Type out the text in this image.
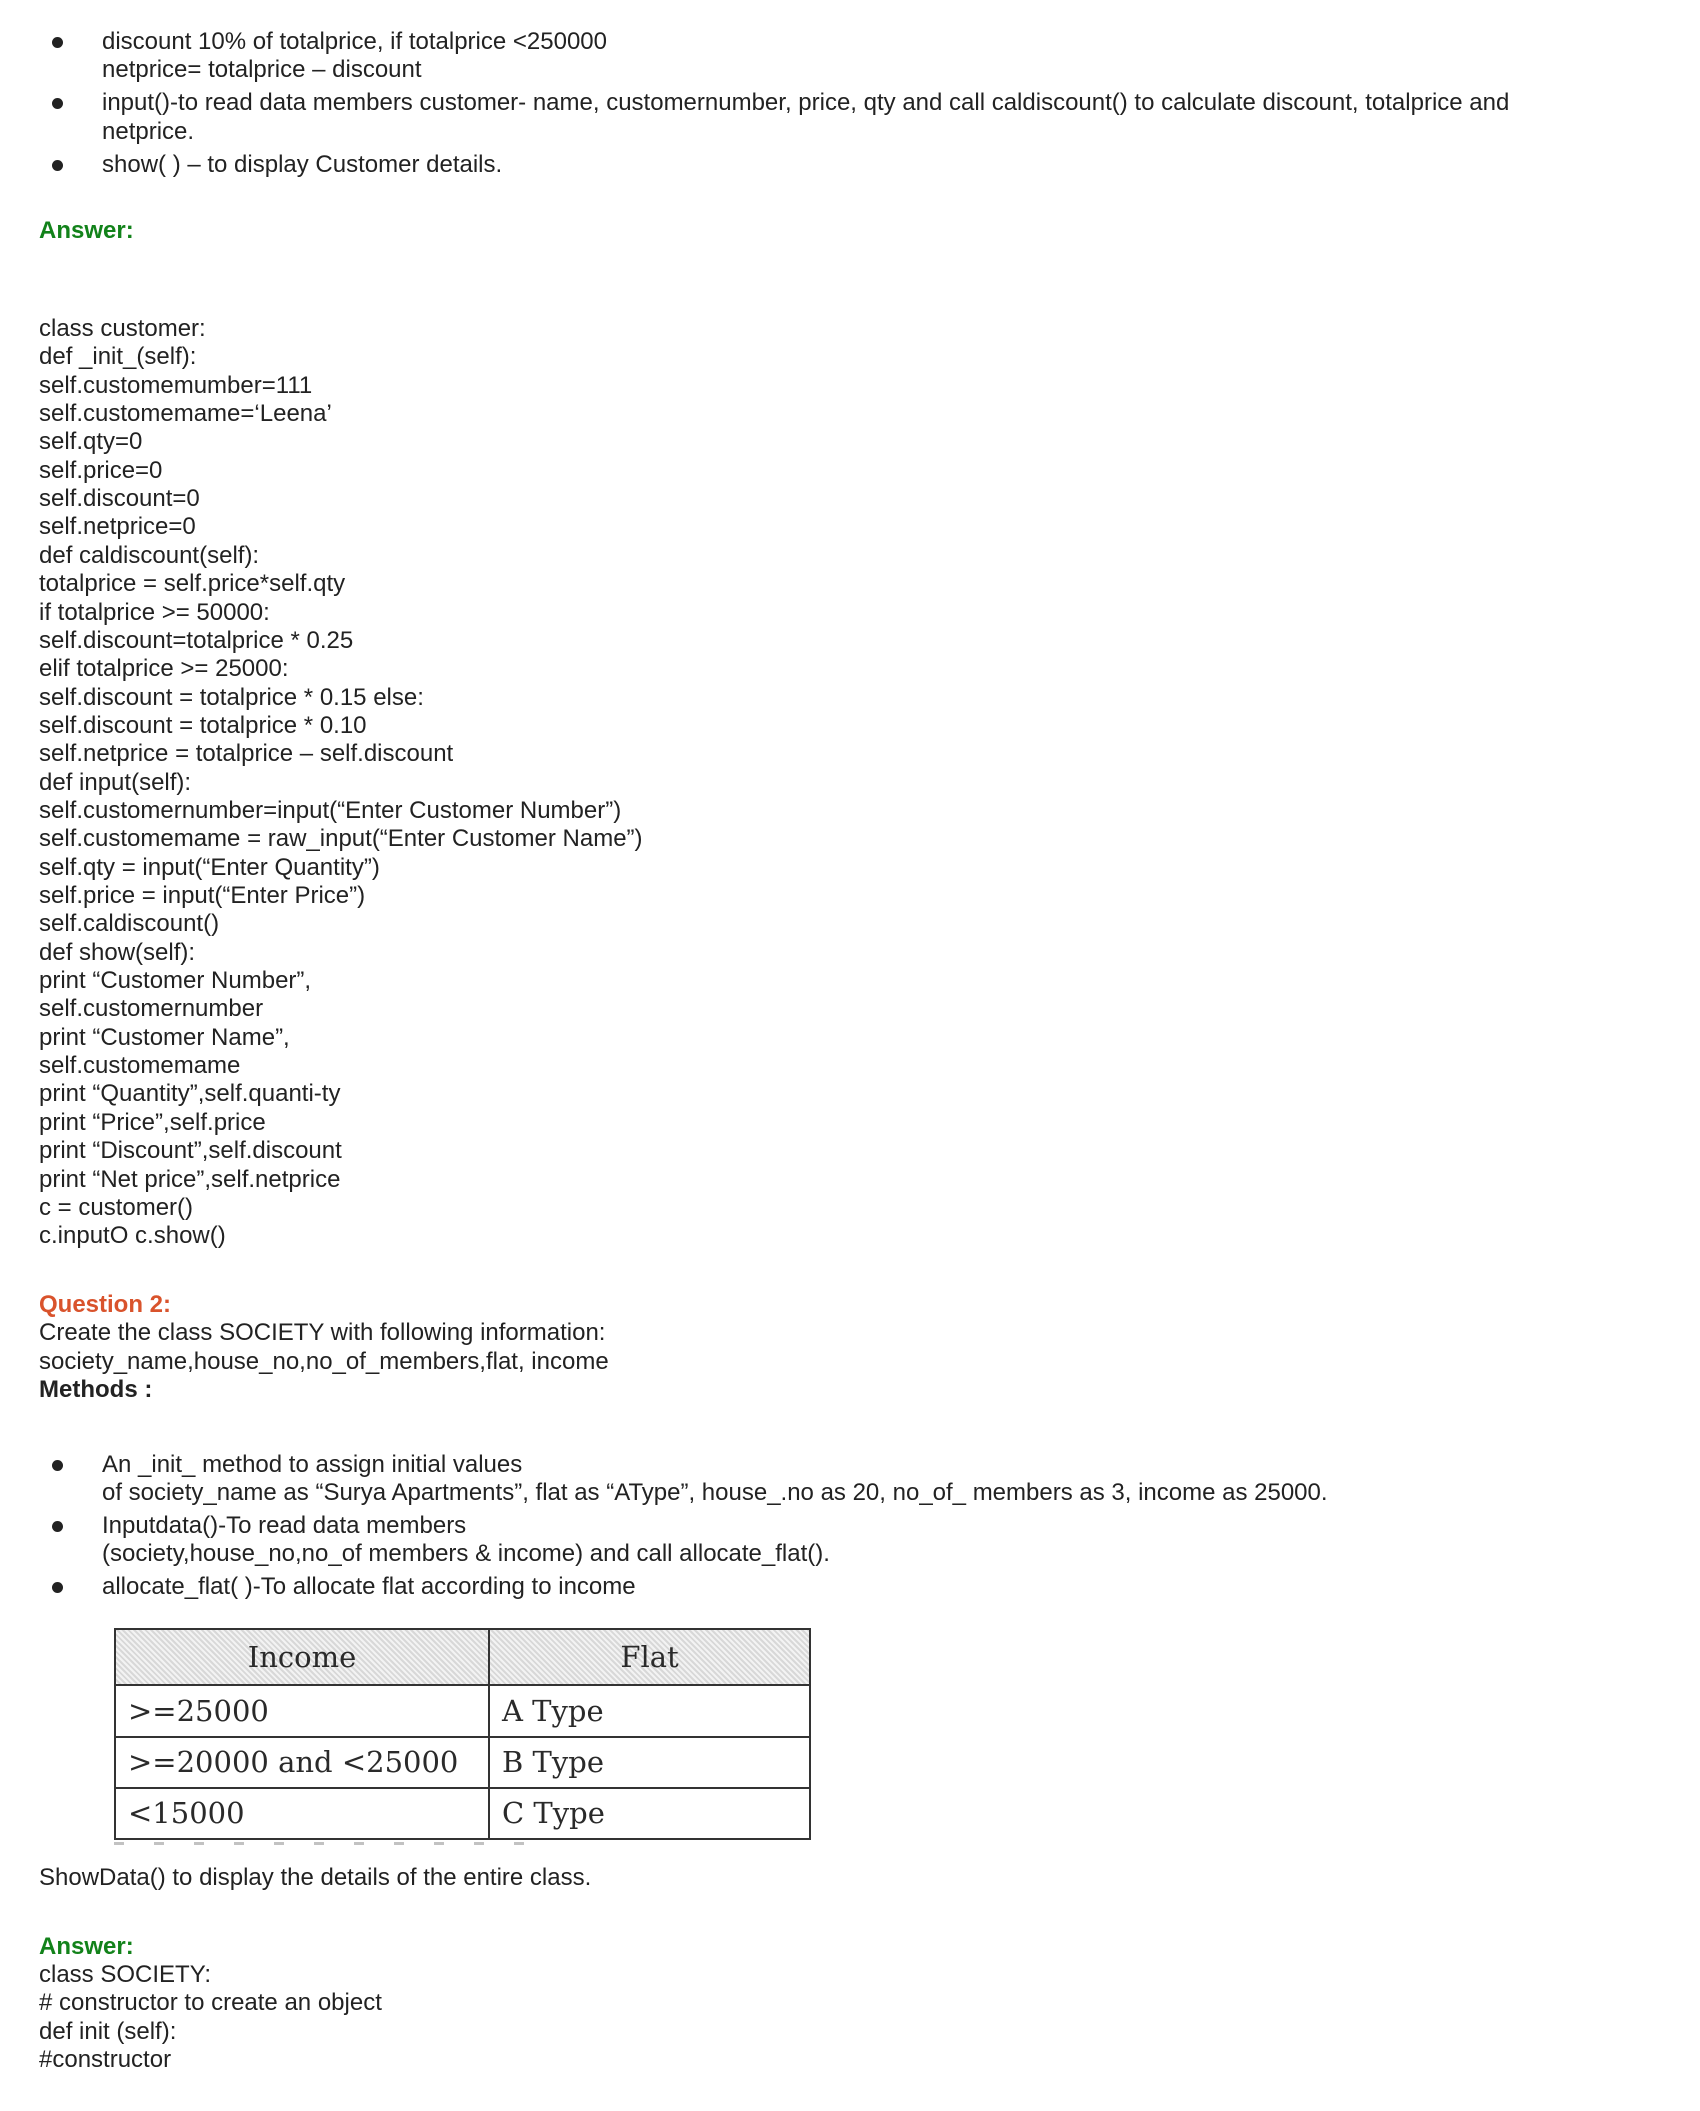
discount 10% of totalprice, if totalprice <250000
netprice= totalprice – discount
input()-to read data members customer- name, customernumber, price, qty and call caldiscount() to calculate discount, totalprice and
netprice.
show( ) – to display Customer details.
Answer:
class customer:
def _init_(self):
self.customemumber=111
self.customemame=‘Leena’
self.qty=0
self.price=0
self.discount=0
self.netprice=0
def caldiscount(self):
totalprice = self.price*self.qty
if totalprice >= 50000:
self.discount=totalprice * 0.25
elif totalprice >= 25000:
self.discount = totalprice * 0.15 else:
self.discount = totalprice * 0.10
self.netprice = totalprice – self.discount
def input(self):
self.customernumber=input(“Enter Customer Number”)
self.customemame = raw_input(“Enter Customer Name”)
self.qty = input(“Enter Quantity”)
self.price = input(“Enter Price”)
self.caldiscount()
def show(self):
print “Customer Number”,
self.customernumber
print “Customer Name”,
self.customemame
print “Quantity”,self.quanti-ty
print “Price”,self.price
print “Discount”,self.discount
print “Net price”,self.netprice
c = customer()
c.inputO c.show()
Question 2:
Create the class SOCIETY with following information:
society_name,house_no,no_of_members,flat, income
Methods :
An _init_ method to assign initial values
of society_name as “Surya Apartments”, flat as “AType”, house_.no as 20, no_of_ members as 3, income as 25000.
Inputdata()-To read data members
(society,house_no,no_of members & income) and call allocate_flat().
allocate_flat( )-To allocate flat according to income
Income	Flat
>=25000	A Type
>=20000 and <25000	B Type
<15000	C Type
ShowData() to display the details of the entire class.
Answer:
class SOCIETY:
# constructor to create an object
def init (self):
#constructor
